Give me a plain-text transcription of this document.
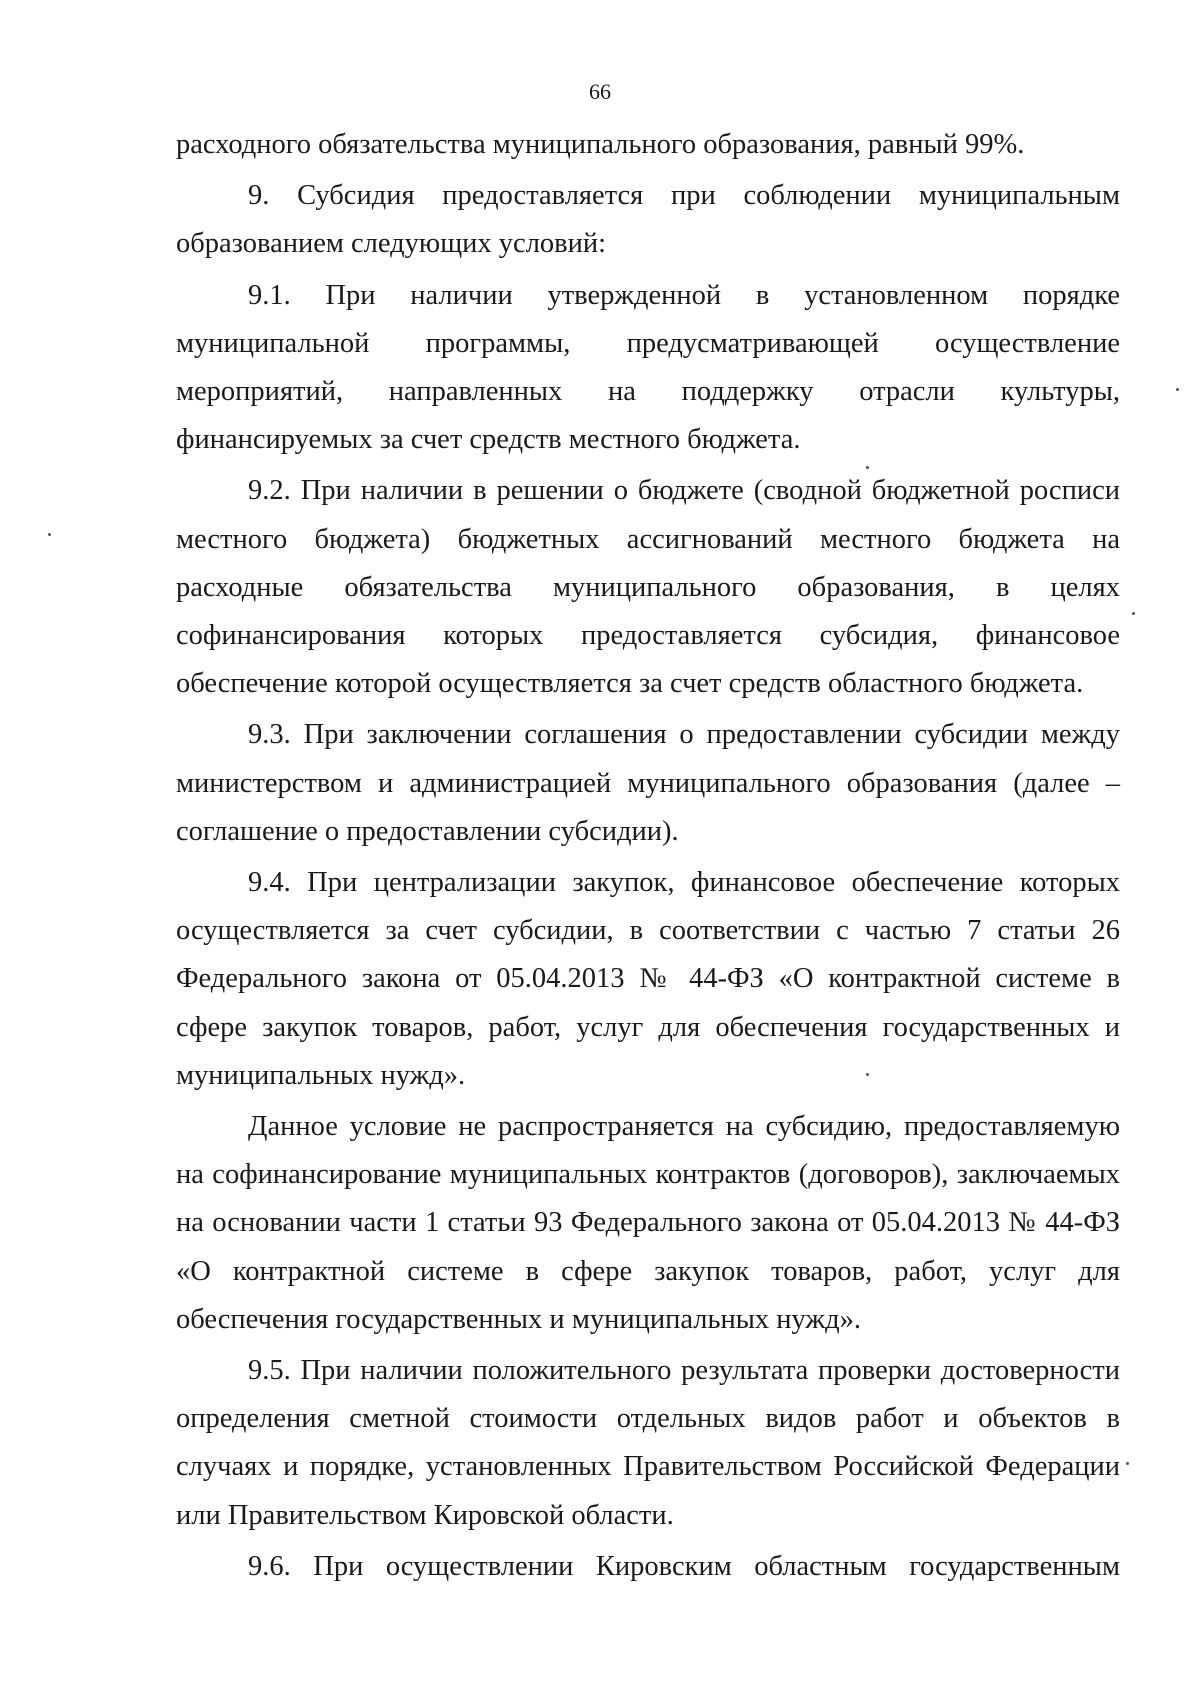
66

расходного обязательства муниципального образования, равный 99%.

9. Субсидия предоставляется при соблюдении муниципальным образованием следующих условий:

9.1. При наличии утвержденной в установленном порядке муниципальной программы, предусматривающей осуществление мероприятий, направленных на поддержку отрасли культуры, финансируемых за счет средств местного бюджета.

9.2. При наличии в решении о бюджете (сводной бюджетной росписи местного бюджета) бюджетных ассигнований местного бюджета на расходные обязательства муниципального образования, в целях софинансирования которых предоставляется субсидия, финансовое обеспечение которой осуществляется за счет средств областного бюджета.

9.3. При заключении соглашения о предоставлении субсидии между министерством и администрацией муниципального образования (далее – соглашение о предоставлении субсидии).

9.4. При централизации закупок, финансовое обеспечение которых осуществляется за счет субсидии, в соответствии с частью 7 статьи 26 Федерального закона от 05.04.2013 № 44-ФЗ «О контрактной системе в сфере закупок товаров, работ, услуг для обеспечения государственных и муниципальных нужд».

Данное условие не распространяется на субсидию, предоставляемую на софинансирование муниципальных контрактов (договоров), заключаемых на основании части 1 статьи 93 Федерального закона от 05.04.2013 № 44-ФЗ «О контрактной системе в сфере закупок товаров, работ, услуг для обеспечения государственных и муниципальных нужд».

9.5. При наличии положительного результата проверки достоверности определения сметной стоимости отдельных видов работ и объектов в случаях и порядке, установленных Правительством Российской Федерации или Правительством Кировской области.

9.6. При осуществлении Кировским областным государственным
